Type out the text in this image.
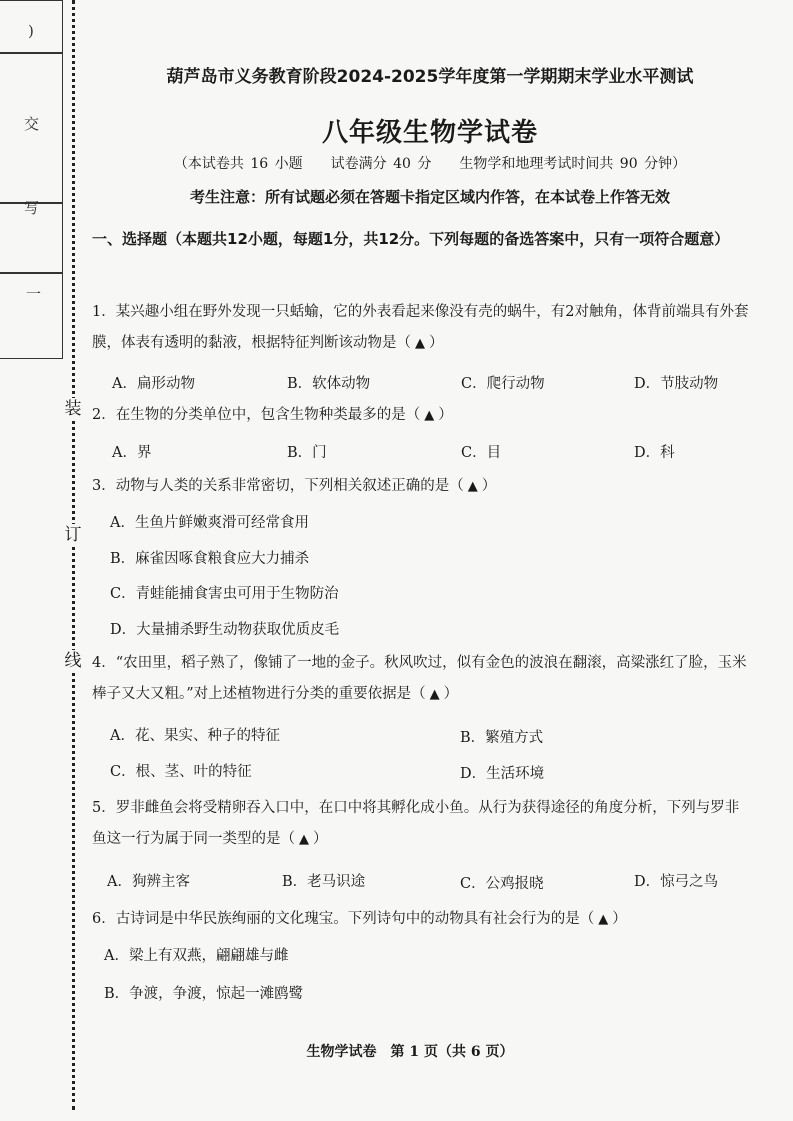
)
交
写
一
装
订
线
葫芦岛市义务教育阶段2024-2025学年度第一学期期末学业水平测试
八年级生物学试卷
（本试卷共 16 小题　　试卷满分 40 分　　生物学和地理考试时间共 90 分钟）
考生注意：所有试题必须在答题卡指定区域内作答，在本试卷上作答无效
一、选择题（本题共12小题，每题1分，共12分。下列每题的备选答案中，只有一项符合题意）
1．某兴趣小组在野外发现一只蛞蝓，它的外表看起来像没有壳的蜗牛，有2对触角，体背前端具有外套膜，体表有透明的黏液，根据特征判断该动物是（ ▲ ）
A．扁形动物	B．软体动物	C．爬行动物	D．节肢动物
2．在生物的分类单位中，包含生物种类最多的是（ ▲ ）
A．界	B．门	C．目	D．科
3．动物与人类的关系非常密切，下列相关叙述正确的是（ ▲ ）
A．生鱼片鲜嫩爽滑可经常食用
B．麻雀因啄食粮食应大力捕杀
C．青蛙能捕食害虫可用于生物防治
D．大量捕杀野生动物获取优质皮毛
4．“农田里，稻子熟了，像铺了一地的金子。秋风吹过，似有金色的波浪在翻滚，高粱涨红了脸，玉米棒子又大又粗。”对上述植物进行分类的重要依据是（ ▲ ）
A．花、果实、种子的特征	B．繁殖方式
C．根、茎、叶的特征	D．生活环境
5．罗非雌鱼会将受精卵吞入口中，在口中将其孵化成小鱼。从行为获得途径的角度分析，下列与罗非鱼这一行为属于同一类型的是（ ▲ ）
A．狗辨主客	B．老马识途	C．公鸡报晓	D．惊弓之鸟
6．古诗词是中华民族绚丽的文化瑰宝。下列诗句中的动物具有社会行为的是（ ▲ ）
A．梁上有双燕，翩翩雄与雌
B．争渡，争渡，惊起一滩鸥鹭
生物学试卷　第 1 页（共 6 页）
